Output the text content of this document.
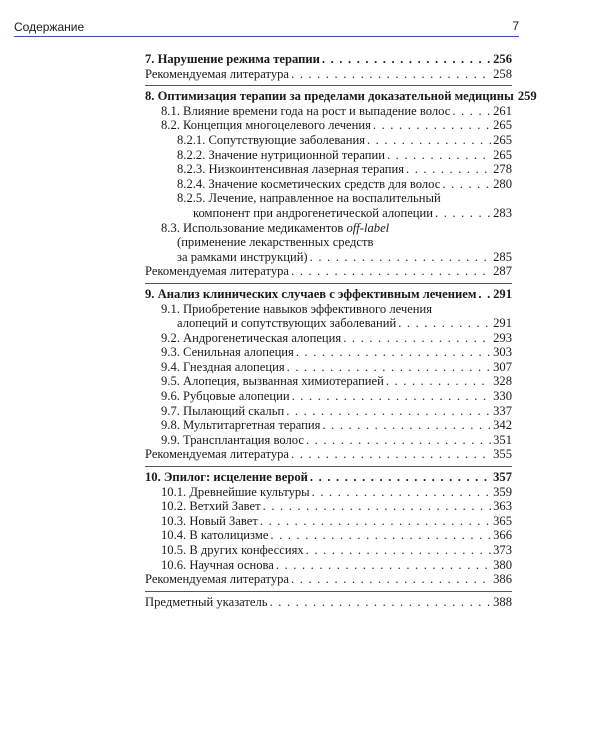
Содержание	7
7. Нарушение режима терапии . . .	256
Рекомендуемая литература . . .	258
8. Оптимизация терапии за пределами доказательной медицины 259
8.1. Влияние времени года на рост и выпадение волос . . .	261
8.2. Концепция многоцелевого лечения . . .	265
8.2.1. Сопутствующие заболевания . . .	265
8.2.2. Значение нутриционной терапии . . .	265
8.2.3. Низкоинтенсивная лазерная терапия . . .	278
8.2.4. Значение косметических средств для волос . . .	280
8.2.5. Лечение, направленное на воспалительный
компонент при андрогенетической алопеции . . .	283
8.3. Использование медикаментов off-label
(применение лекарственных средств
за рамками инструкций) . . .	285
Рекомендуемая литература . . .	287
9. Анализ клинических случаев с эффективным лечением . . . 291
9.1. Приобретение навыков эффективного лечения
алопеций и сопутствующих заболеваний . . .	291
9.2. Андрогенетическая алопеция . . .	293
9.3. Сенильная алопеция . . .	303
9.4. Гнездная алопеция . . .	307
9.5. Алопеция, вызванная химиотерапией . . .	328
9.6. Рубцовые алопеции . . .	330
9.7. Пылающий скальп . . .	337
9.8. Мультитаргетная терапия . . .	342
9.9. Трансплантация волос . . .	351
Рекомендуемая литература . . .	355
10. Эпилог: исцеление верой . . .	357
10.1. Древнейшие культуры . . .	359
10.2. Ветхий Завет . . .	363
10.3. Новый Завет . . .	365
10.4. В католицизме . . .	366
10.5. В других конфессиях . . .	373
10.6. Научная основа . . .	380
Рекомендуемая литература . . .	386
Предметный указатель . . .	388
